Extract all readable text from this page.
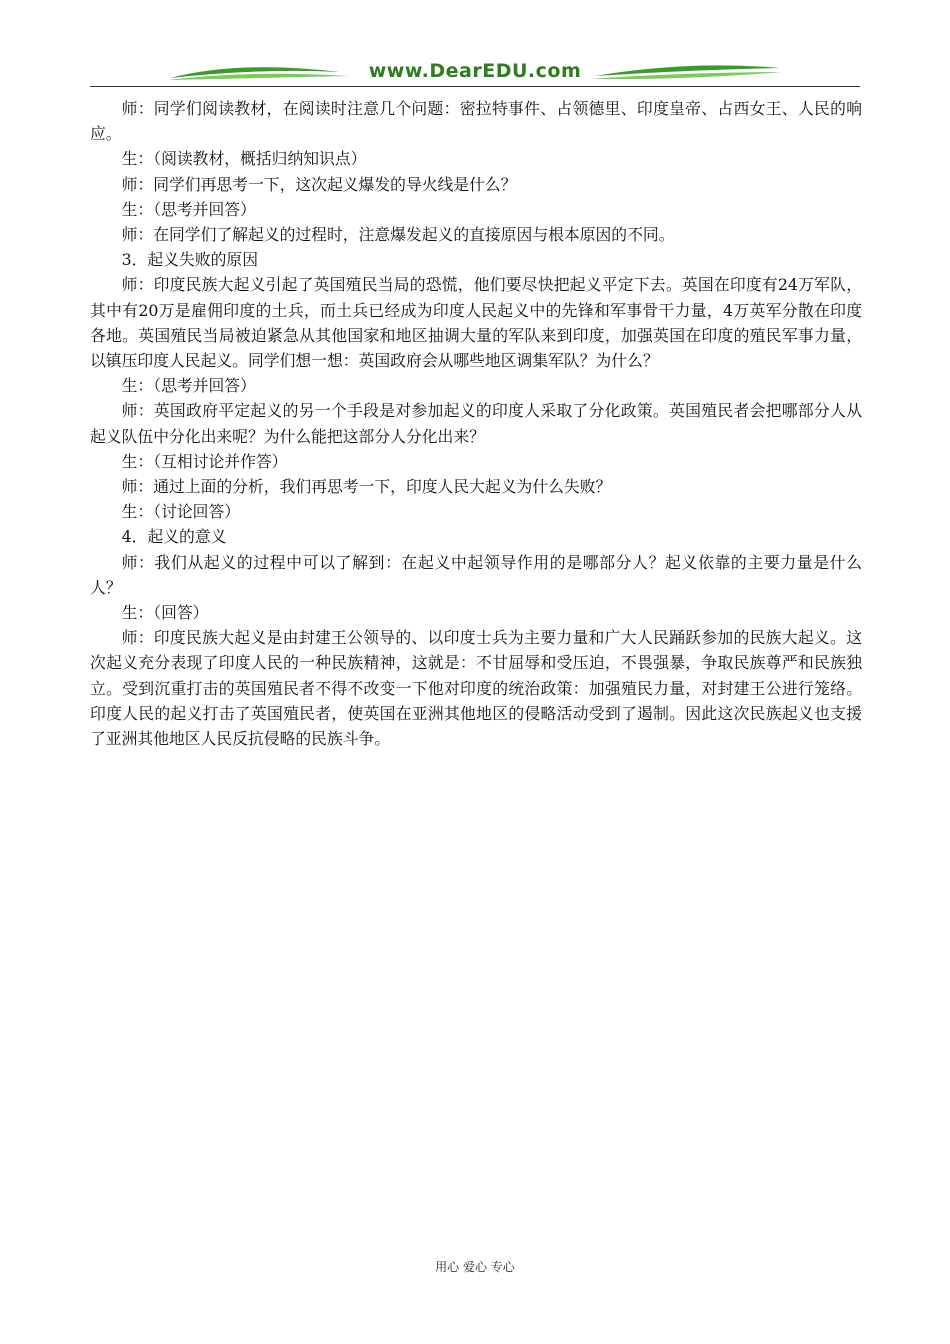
www.DearEDU.com

师：同学们阅读教材，在阅读时注意几个问题：密拉特事件、占领德里、印度皇帝、占西女王、人民的响应。

生：（阅读教材，概括归纳知识点）

师：同学们再思考一下，这次起义爆发的导火线是什么？

生：（思考并回答）

师：在同学们了解起义的过程时，注意爆发起义的直接原因与根本原因的不同。

3．起义失败的原因

师：印度民族大起义引起了英国殖民当局的恐慌，他们要尽快把起义平定下去。英国在印度有24万军队，其中有20万是雇佣印度的土兵，而土兵已经成为印度人民起义中的先锋和军事骨干力量，4万英军分散在印度各地。英国殖民当局被迫紧急从其他国家和地区抽调大量的军队来到印度，加强英国在印度的殖民军事力量，以镇压印度人民起义。同学们想一想：英国政府会从哪些地区调集军队？为什么？

生：（思考并回答）

师：英国政府平定起义的另一个手段是对参加起义的印度人采取了分化政策。英国殖民者会把哪部分人从起义队伍中分化出来呢？为什么能把这部分人分化出来？

生：（互相讨论并作答）

师：通过上面的分析，我们再思考一下，印度人民大起义为什么失败？

生：（讨论回答）

4．起义的意义

师：我们从起义的过程中可以了解到：在起义中起领导作用的是哪部分人？起义依靠的主要力量是什么人？

生：（回答）

师：印度民族大起义是由封建王公领导的、以印度士兵为主要力量和广大人民踊跃参加的民族大起义。这次起义充分表现了印度人民的一种民族精神，这就是：不甘屈辱和受压迫，不畏强暴，争取民族尊严和民族独立。受到沉重打击的英国殖民者不得不改变一下他对印度的统治政策：加强殖民力量，对封建王公进行笼络。印度人民的起义打击了英国殖民者，使英国在亚洲其他地区的侵略活动受到了遏制。因此这次民族起义也支援了亚洲其他地区人民反抗侵略的民族斗争。

用心 爱心 专心
